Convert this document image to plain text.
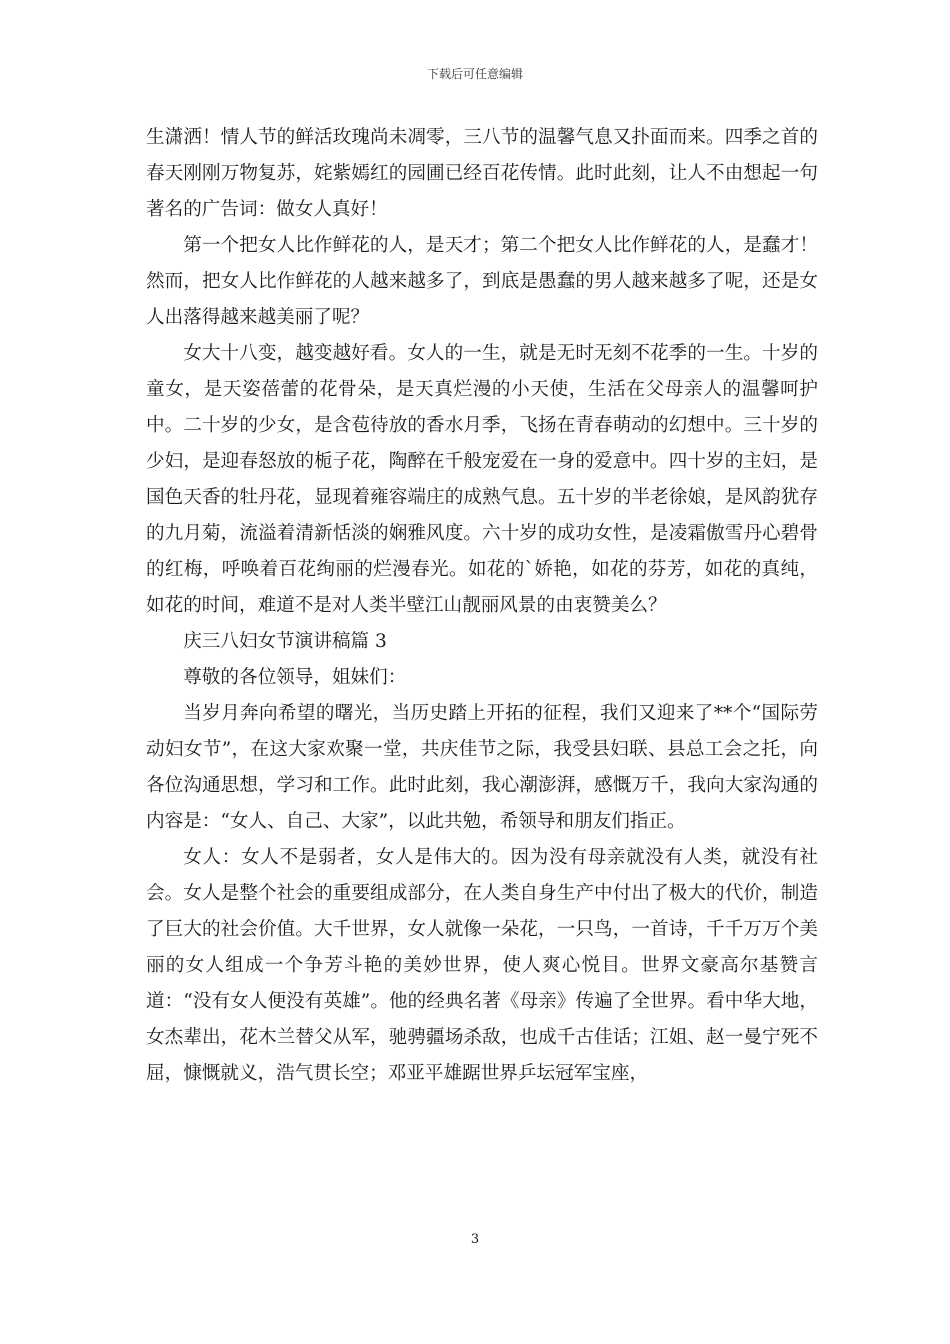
下载后可任意编辑

生潇洒！情人节的鲜活玫瑰尚未凋零，三八节的温馨气息又扑面而来。四季之首的春天刚刚万物复苏，姹紫嫣红的园圃已经百花传情。此时此刻，让人不由想起一句著名的广告词：做女人真好！

第一个把女人比作鲜花的人，是天才；第二个把女人比作鲜花的人，是蠢才！然而，把女人比作鲜花的人越来越多了，到底是愚蠢的男人越来越多了呢，还是女人出落得越来越美丽了呢？

女大十八变，越变越好看。女人的一生，就是无时无刻不花季的一生。十岁的童女，是天姿蓓蕾的花骨朵，是天真烂漫的小天使，生活在父母亲人的温馨呵护中。二十岁的少女，是含苞待放的香水月季，飞扬在青春萌动的幻想中。三十岁的少妇，是迎春怒放的栀子花，陶醉在千般宠爱在一身的爱意中。四十岁的主妇，是国色天香的牡丹花，显现着雍容端庄的成熟气息。五十岁的半老徐娘，是风韵犹存的九月菊，流溢着清新恬淡的娴雅风度。六十岁的成功女性，是凌霜傲雪丹心碧骨的红梅，呼唤着百花绚丽的烂漫春光。如花的`娇艳，如花的芬芳，如花的真纯，如花的时间，难道不是对人类半壁江山靓丽风景的由衷赞美么？

庆三八妇女节演讲稿篇 3

尊敬的各位领导，姐妹们：

当岁月奔向希望的曙光，当历史踏上开拓的征程，我们又迎来了**个“国际劳动妇女节”，在这大家欢聚一堂，共庆佳节之际，我受县妇联、县总工会之托，向各位沟通思想，学习和工作。此时此刻，我心潮澎湃，感慨万千，我向大家沟通的内容是：“女人、自己、大家”，以此共勉，希领导和朋友们指正。

女人：女人不是弱者，女人是伟大的。因为没有母亲就没有人类，就没有社会。女人是整个社会的重要组成部分，在人类自身生产中付出了极大的代价，制造了巨大的社会价值。大千世界，女人就像一朵花，一只鸟，一首诗，千千万万个美丽的女人组成一个争芳斗艳的美妙世界，使人爽心悦目。世界文豪高尔基赞言道：“没有女人便没有英雄”。他的经典名著《母亲》传遍了全世界。看中华大地，女杰辈出，花木兰替父从军，驰骋疆场杀敌，也成千古佳话；江姐、赵一曼宁死不屈，慷慨就义，浩气贯长空；邓亚平雄踞世界乒坛冠军宝座，

3
